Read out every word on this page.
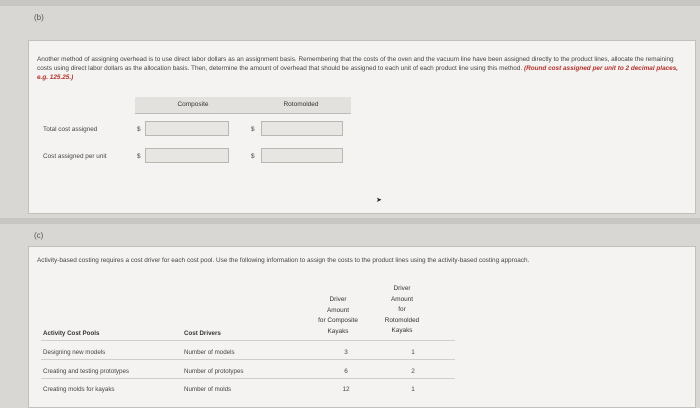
(b)
Another method of assigning overhead is to use direct labor dollars as an assignment basis. Remembering that the costs of the oven and the vacuum line have been assigned directly to the product lines, allocate the remaining costs using direct labor dollars as the allocation basis. Then, determine the amount of overhead that should be assigned to each unit of each product line using this method. (Round cost assigned per unit to 2 decimal places, e.g. 125.25.)
Composite	Rotomolded
Total cost assigned	$	$
Cost assigned per unit	$	$
➤
(c)
Activity-based costing requires a cost driver for each cost pool. Use the following information to assign the costs to the product lines using the activity-based costing approach.
Driver
Amount
for Composite
Kayaks
Driver
Amount
for
Rotomolded
Kayaks
Activity Cost Pools	Cost Drivers
Designing new models	Number of models	3	1
Creating and testing prototypes	Number of prototypes	6	2
Creating molds for kayaks	Number of molds	12	1
